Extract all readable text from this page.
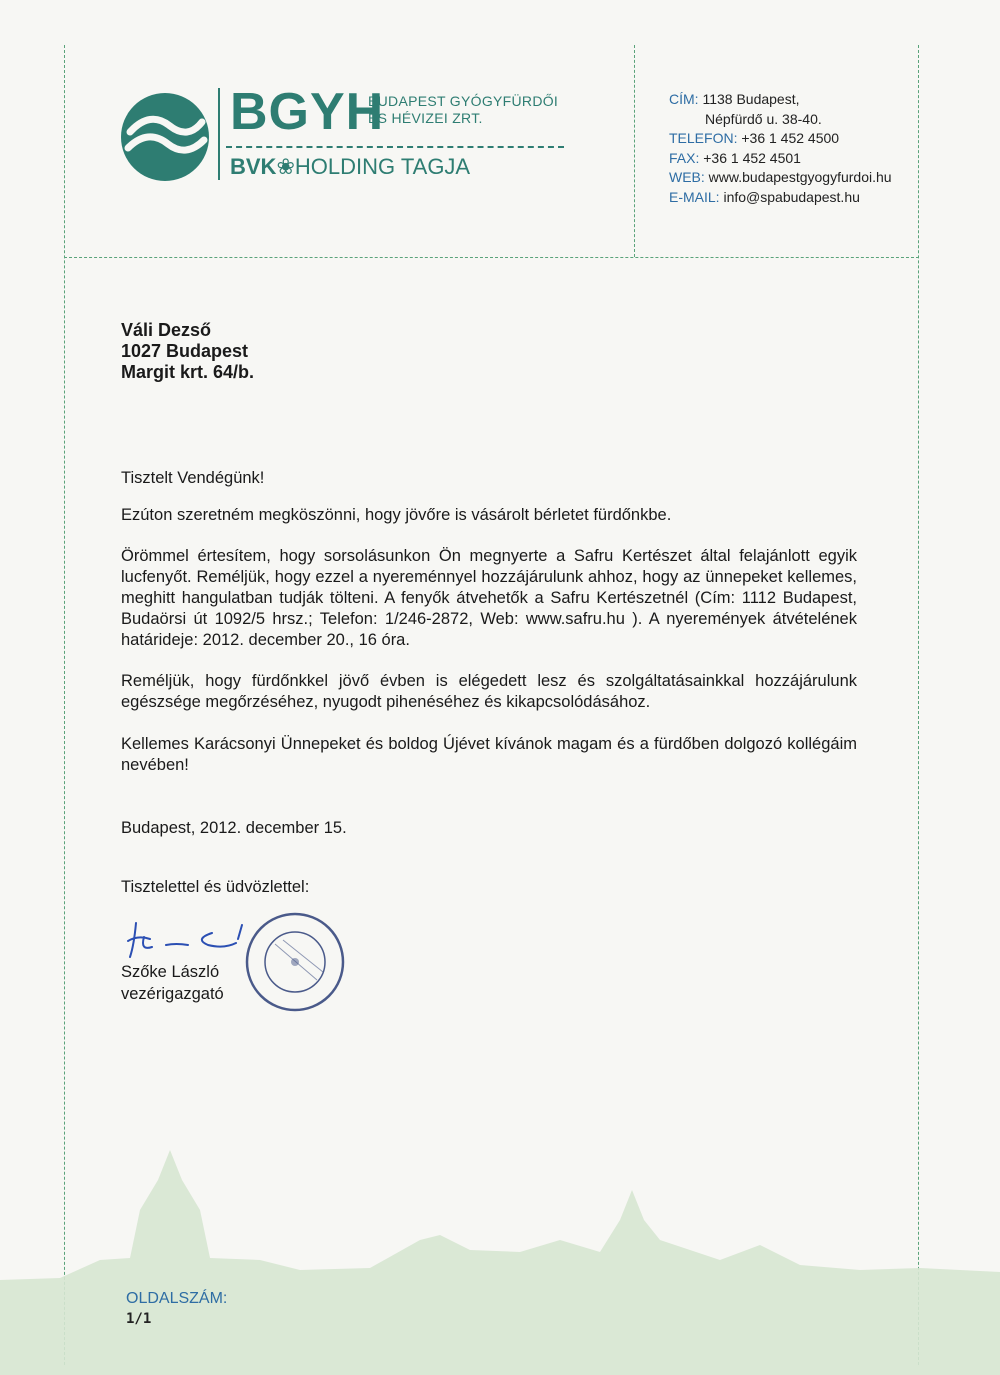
BGYH
BUDAPEST GYÓGYFÜRDŐI
ÉS HÉVIZEI ZRT.
BVK❀HOLDING TAGJA
CÍM: 1138 Budapest,
Népfürdő u. 38-40.
TELEFON: +36 1 452 4500
FAX: +36 1 452 4501
WEB: www.budapestgyogyfurdoi.hu
E-MAIL: info@spabudapest.hu
Váli Dezső
1027 Budapest
Margit krt. 64/b.
Tisztelt Vendégünk!
Ezúton szeretném megköszönni, hogy jövőre is vásárolt bérletet fürdőnkbe.
Örömmel értesítem, hogy sorsolásunkon Ön megnyerte a Safru Kertészet által felajánlott egyik lucfenyőt. Reméljük, hogy ezzel a nyereménnyel hozzájárulunk ahhoz, hogy az ünnepeket kellemes, meghitt hangulatban tudják tölteni. A fenyők átvehetők a Safru Kertészetnél (Cím: 1112 Budapest, Budaörsi út 1092/5 hrsz.; Telefon: 1/246-2872, Web: www.safru.hu ). A nyeremények átvételének határideje: 2012. december 20., 16 óra.
Reméljük, hogy fürdőnkkel jövő évben is elégedett lesz és szolgáltatásainkkal hozzájárulunk egészsége megőrzéséhez, nyugodt pihenéséhez és kikapcsolódásához.
Kellemes Karácsonyi Ünnepeket és boldog Újévet kívánok magam és a fürdőben dolgozó kollégáim nevében!
Budapest, 2012. december 15.
Tisztelettel és üdvözlettel:
Szőke László
vezérigazgató
OLDALSZÁM:
1/1
